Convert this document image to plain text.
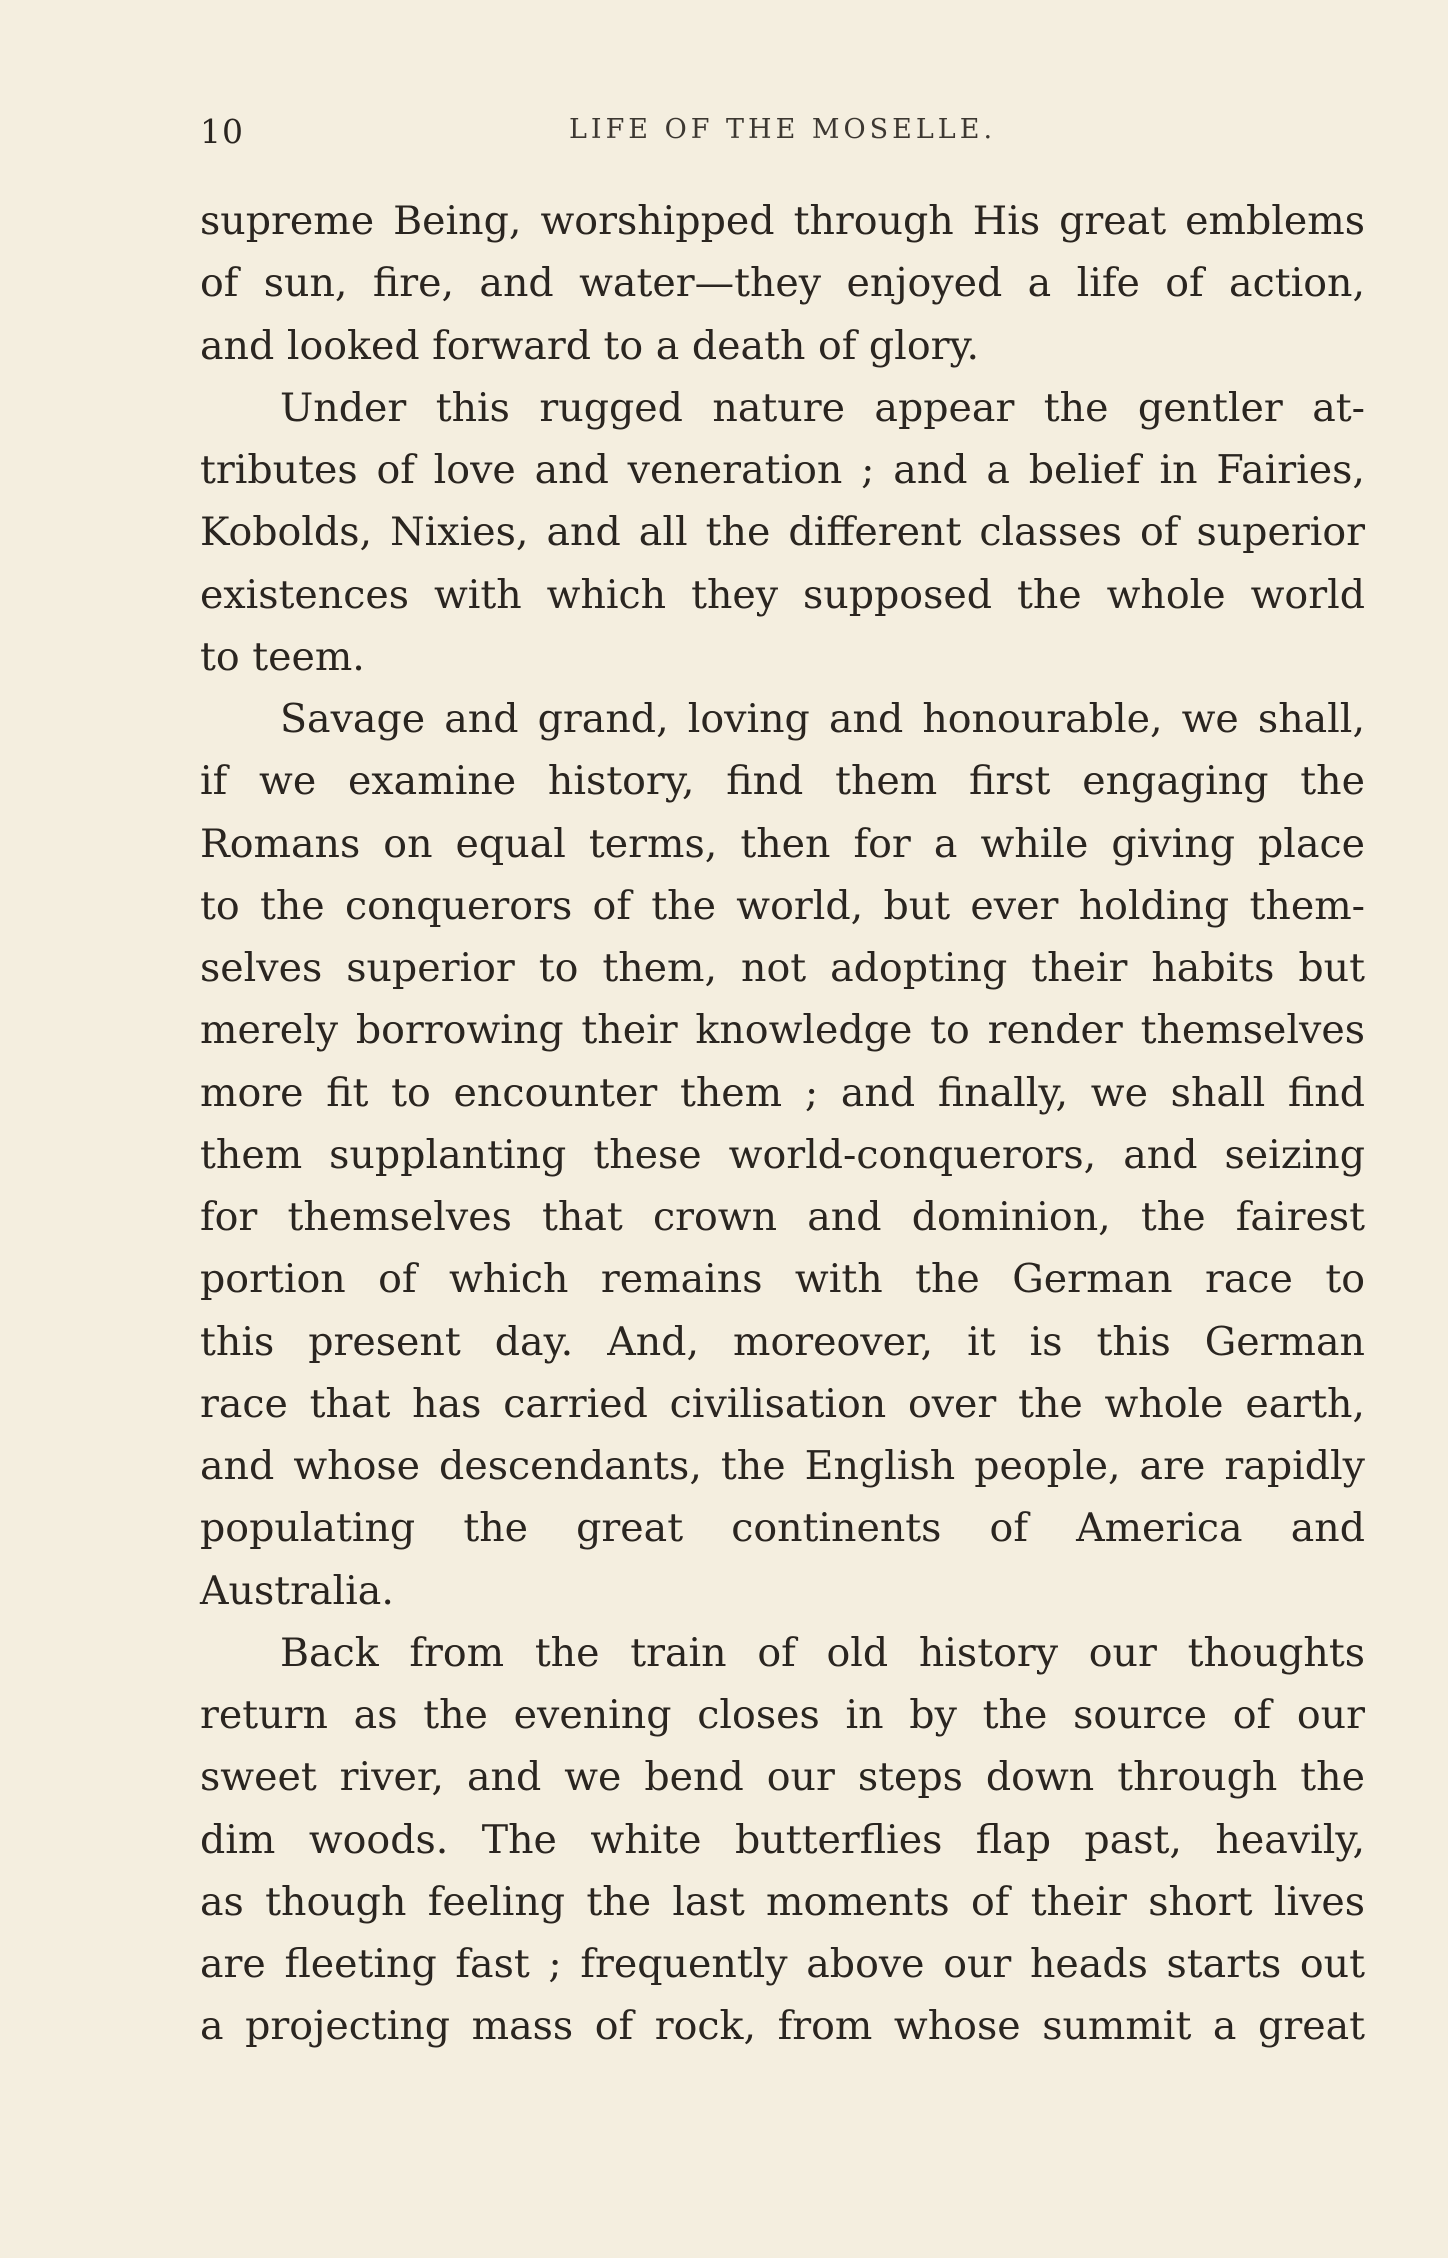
10	LIFE OF THE MOSELLE.
supreme Being, worshipped through His great emblems
of sun, fire, and water—they enjoyed a life of action,
and looked forward to a death of glory.
Under this rugged nature appear the gentler at-
tributes of love and veneration ; and a belief in Fairies,
Kobolds, Nixies, and all the different classes of superior
existences with which they supposed the whole world
to teem.
Savage and grand, loving and honourable, we shall,
if we examine history, find them first engaging the
Romans on equal terms, then for a while giving place
to the conquerors of the world, but ever holding them-
selves superior to them, not adopting their habits but
merely borrowing their knowledge to render themselves
more fit to encounter them ; and finally, we shall find
them supplanting these world-conquerors, and seizing
for themselves that crown and dominion, the fairest
portion of which remains with the German race to
this present day. And, moreover, it is this German
race that has carried civilisation over the whole earth,
and whose descendants, the English people, are rapidly
populating the great continents of America and
Australia.
Back from the train of old history our thoughts
return as the evening closes in by the source of our
sweet river, and we bend our steps down through the
dim woods. The white butterflies flap past, heavily,
as though feeling the last moments of their short lives
are fleeting fast ; frequently above our heads starts out
a projecting mass of rock, from whose summit a great
